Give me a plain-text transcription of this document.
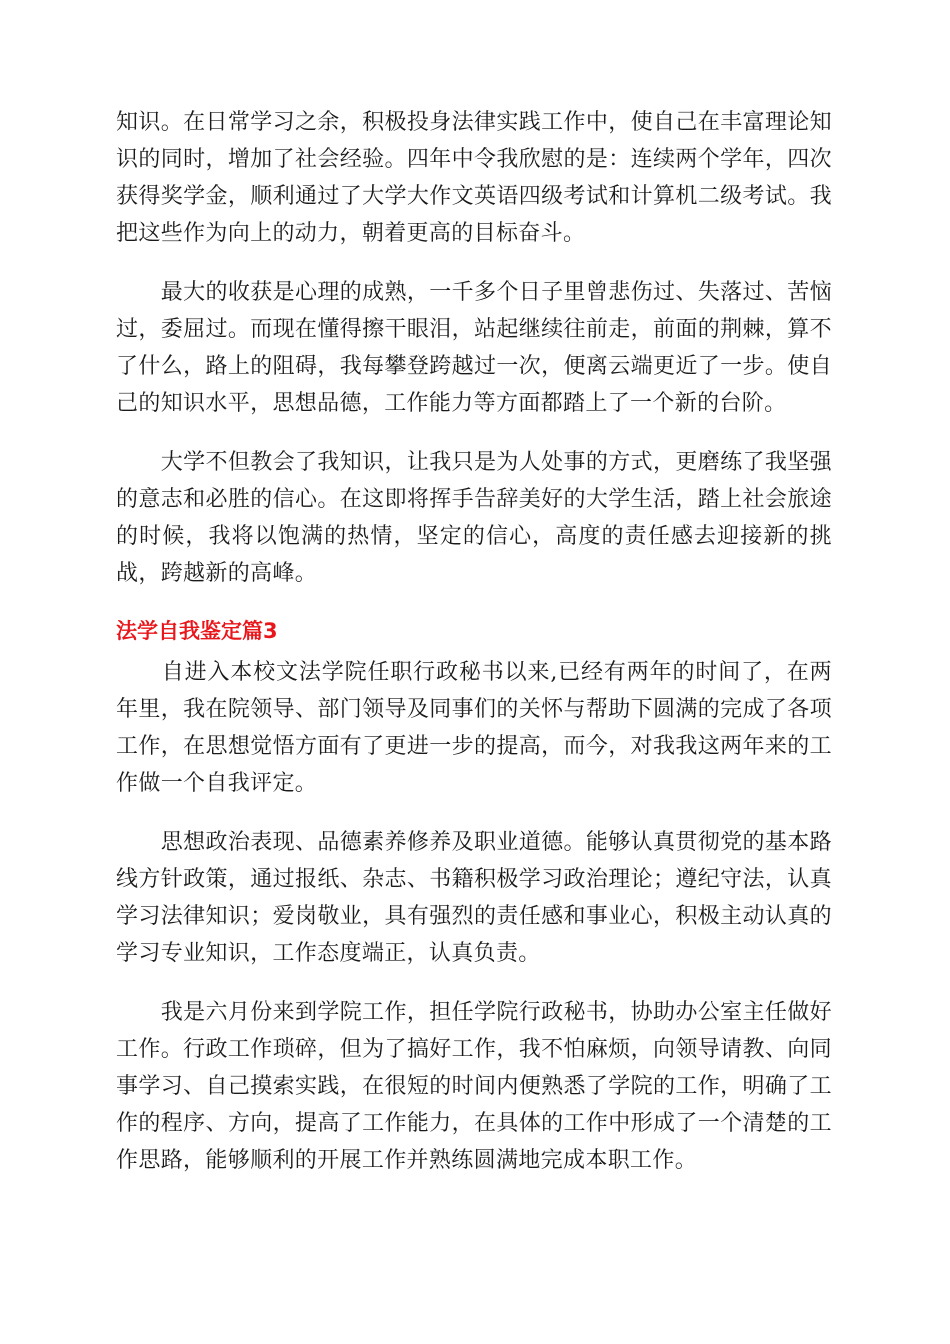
知识。在日常学习之余，积极投身法律实践工作中，使自己在丰富理论知识的同时，增加了社会经验。四年中令我欣慰的是：连续两个学年，四次获得奖学金，顺利通过了大学大作文英语四级考试和计算机二级考试。我把这些作为向上的动力，朝着更高的目标奋斗。

　　最大的收获是心理的成熟，一千多个日子里曾悲伤过、失落过、苦恼过，委屈过。而现在懂得擦干眼泪，站起继续往前走，前面的荆棘，算不了什么，路上的阻碍，我每攀登跨越过一次，便离云端更近了一步。使自己的知识水平，思想品德，工作能力等方面都踏上了一个新的台阶。

　　大学不但教会了我知识，让我只是为人处事的方式，更磨练了我坚强的意志和必胜的信心。在这即将挥手告辞美好的大学生活，踏上社会旅途的时候，我将以饱满的热情，坚定的信心，高度的责任感去迎接新的挑战，跨越新的高峰。

法学自我鉴定篇3

　　自进入本校文法学院任职行政秘书以来,已经有两年的时间了，在两年里，我在院领导、部门领导及同事们的关怀与帮助下圆满的完成了各项工作，在思想觉悟方面有了更进一步的提高，而今，对我我这两年来的工作做一个自我评定。

　　思想政治表现、品德素养修养及职业道德。能够认真贯彻党的基本路线方针政策，通过报纸、杂志、书籍积极学习政治理论；遵纪守法，认真学习法律知识；爱岗敬业，具有强烈的责任感和事业心，积极主动认真的学习专业知识，工作态度端正，认真负责。

　　我是六月份来到学院工作，担任学院行政秘书，协助办公室主任做好工作。行政工作琐碎，但为了搞好工作，我不怕麻烦，向领导请教、向同事学习、自己摸索实践，在很短的时间内便熟悉了学院的工作，明确了工作的程序、方向，提高了工作能力，在具体的工作中形成了一个清楚的工作思路，能够顺利的开展工作并熟练圆满地完成本职工作。
